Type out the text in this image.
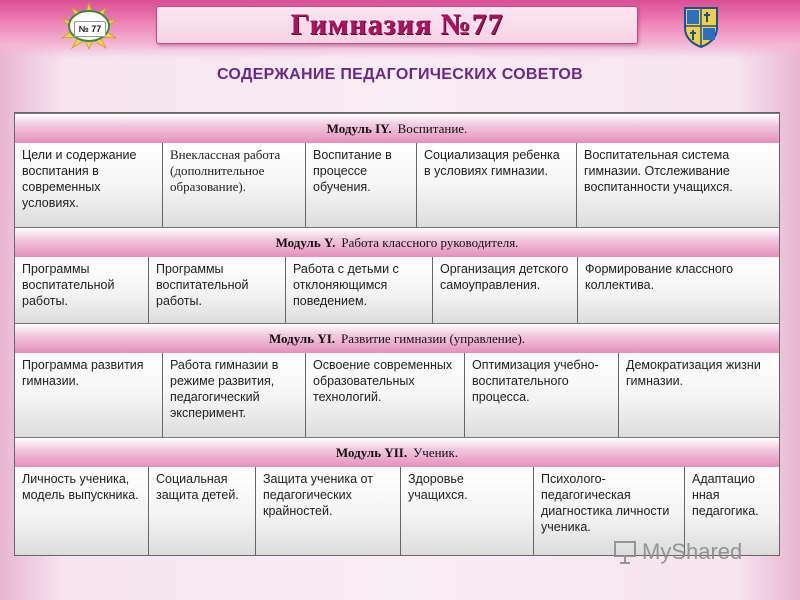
№ 77	Гимназия №77
СОДЕРЖАНИЕ ПЕДАГОГИЧЕСКИХ СОВЕТОВ
Модуль IY. Воспитание.
Цели и содержание воспитания в современных условиях.
Внеклассная работа (дополнительное образование).
Воспитание в процессе обучения.
Социализация ребенка в условиях гимназии.
Воспитательная система гимназии. Отслеживание воспитанности учащихся.
Модуль Y. Работа классного руководителя.
Программы воспитательной работы.
Программы воспитательной работы.
Работа с детьми с отклоняющимся поведением.
Организация детского самоуправления.
Формирование классного коллектива.
Модуль YI. Развитие гимназии (управление).
Программа развития гимназии.
Работа гимназии в режиме развития, педагогический эксперимент.
Освоение современных образовательных технологий.
Оптимизация учебно-воспитательного процесса.
Демократизация жизни гимназии.
Модуль YII. Ученик.
Личность ученика, модель выпускника.
Социальная защита детей.
Защита ученика от педагогических крайностей.
Здоровье учащихся.
Психолого-педагогическая диагностика личности ученика.
Адаптацио нная педагогика.
MyShared
